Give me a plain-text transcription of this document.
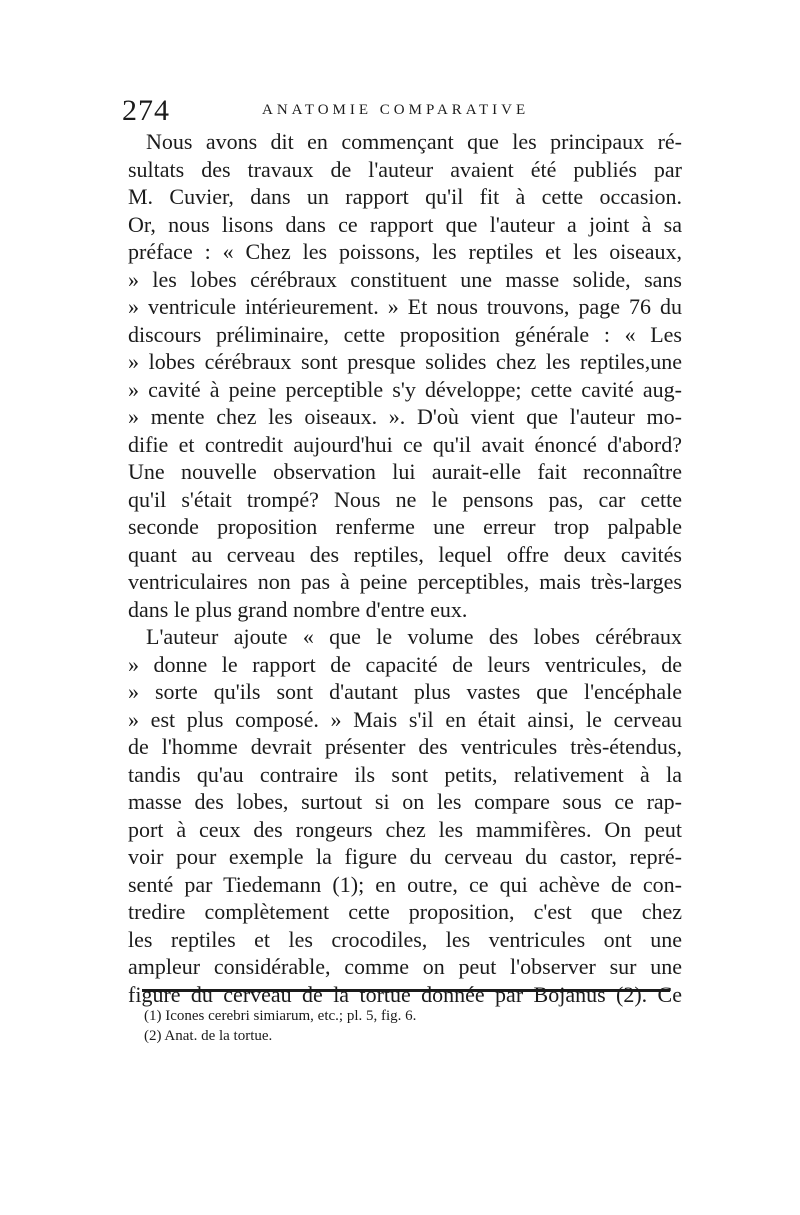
274	ANATOMIE COMPARATIVE

Nous avons dit en commençant que les principaux ré-
sultats des travaux de l'auteur avaient été publiés par
M. Cuvier, dans un rapport qu'il fit à cette occasion.
Or, nous lisons dans ce rapport que l'auteur a joint à sa
préface : « Chez les poissons, les reptiles et les oiseaux,
» les lobes cérébraux constituent une masse solide, sans
» ventricule intérieurement. » Et nous trouvons, page 76 du
discours préliminaire, cette proposition générale : « Les
» lobes cérébraux sont presque solides chez les reptiles,une
» cavité à peine perceptible s'y développe; cette cavité aug-
» mente chez les oiseaux. ». D'où vient que l'auteur mo-
difie et contredit aujourd'hui ce qu'il avait énoncé d'abord?
Une nouvelle observation lui aurait-elle fait reconnaître
qu'il s'était trompé? Nous ne le pensons pas, car cette
seconde proposition renferme une erreur trop palpable
quant au cerveau des reptiles, lequel offre deux cavités
ventriculaires non pas à peine perceptibles, mais très-larges
dans le plus grand nombre d'entre eux.

L'auteur ajoute « que le volume des lobes cérébraux
» donne le rapport de capacité de leurs ventricules, de
» sorte qu'ils sont d'autant plus vastes que l'encéphale
» est plus composé. » Mais s'il en était ainsi, le cerveau
de l'homme devrait présenter des ventricules très-étendus,
tandis qu'au contraire ils sont petits, relativement à la
masse des lobes, surtout si on les compare sous ce rap-
port à ceux des rongeurs chez les mammifères. On peut
voir pour exemple la figure du cerveau du castor, repré-
senté par Tiedemann (1); en outre, ce qui achève de con-
tredire complètement cette proposition, c'est que chez
les reptiles et les crocodiles, les ventricules ont une
ampleur considérable, comme on peut l'observer sur une
figure du cerveau de la tortue donnée par Bojanus (2). Ce

(1) Icones cerebri simiarum, etc.; pl. 5, fig. 6.
(2) Anat. de la tortue.
